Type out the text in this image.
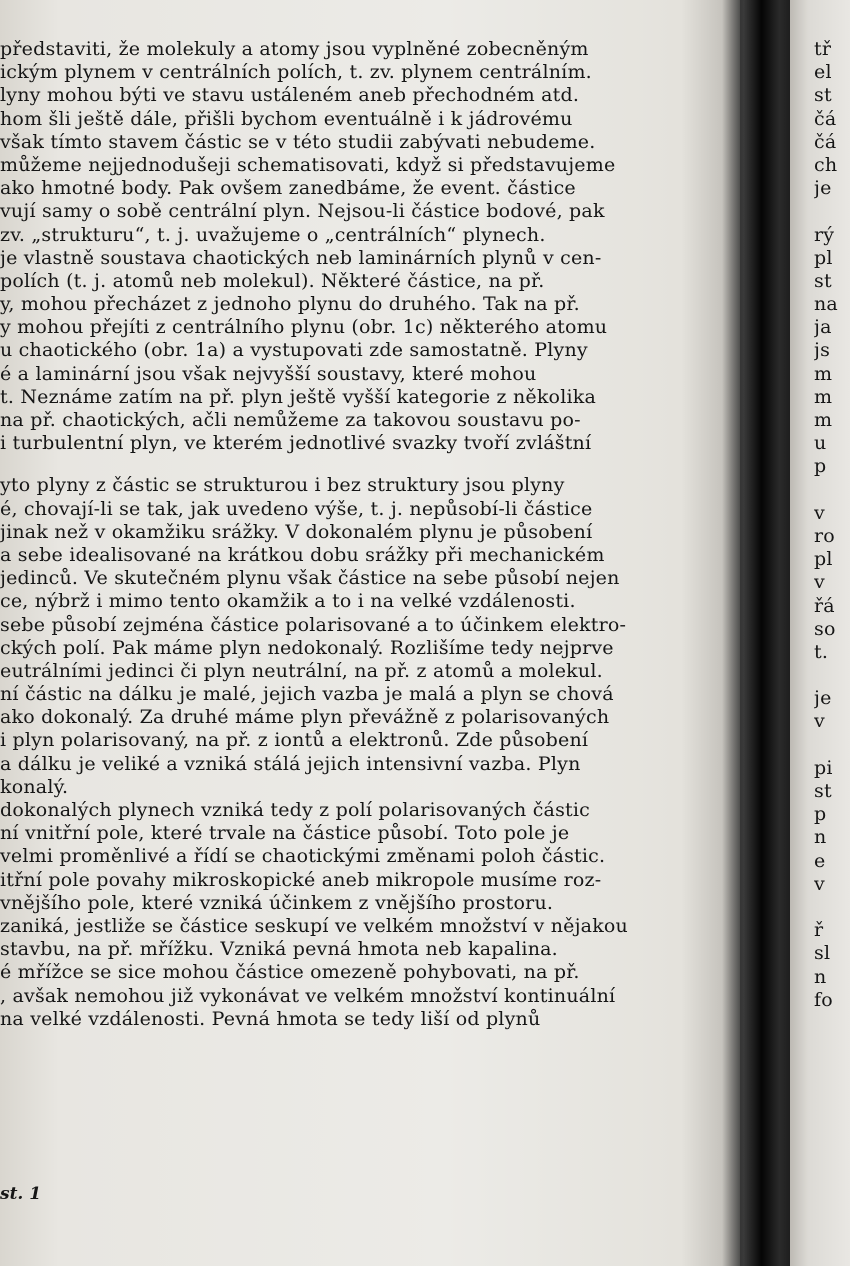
představiti, že molekuly a atomy jsou vyplněné zobecněným
ickým plynem v centrálních polích, t. zv. plynem centrálním.
lyny mohou býti ve stavu ustáleném aneb přechodném atd.
hom šli ještě dále, přišli bychom eventuálně i k jádrovému
však tímto stavem částic se v této studii zabývati nebudeme.
můžeme nejjednodušeji schematisovati, když si představujeme
ako hmotné body. Pak ovšem zanedbáme, že event. částice
vují samy o sobě centrální plyn. Nejsou-li částice bodové, pak
zv. „strukturu“, t. j. uvažujeme o „centrálních“ plynech.
je vlastně soustava chaotických neb laminárních plynů v cen-
polích (t. j. atomů neb molekul). Některé částice, na př.
y, mohou přecházet z jednoho plynu do druhého. Tak na př.
y mohou přejíti z centrálního plynu (obr. 1c) některého atomu
u chaotického (obr. 1a) a vystupovati zde samostatně. Plyny
é a laminární jsou však nejvyšší soustavy, které mohou
t. Neznáme zatím na př. plyn ještě vyšší kategorie z několika
na př. chaotických, ačli nemůžeme za takovou soustavu po-
i turbulentní plyn, ve kterém jednotlivé svazky tvoří zvláštní
yto plyny z částic se strukturou i bez struktury jsou plyny
é, chovají-li se tak, jak uvedeno výše, t. j. nepůsobí-li částice
jinak než v okamžiku srážky. V dokonalém plynu je působení
a sebe idealisované na krátkou dobu srážky při mechanickém
jedinců. Ve skutečném plynu však částice na sebe působí nejen
ce, nýbrž i mimo tento okamžik a to i na velké vzdálenosti.
sebe působí zejména částice polarisované a to účinkem elektro-
ckých polí. Pak máme plyn nedokonalý. Rozlišíme tedy nejprve
eutrálními jedinci či plyn neutrální, na př. z atomů a molekul.
ní částic na dálku je malé, jejich vazba je malá a plyn se chová
ako dokonalý. Za druhé máme plyn převážně z polarisovaných
i plyn polarisovaný, na př. z iontů a elektronů. Zde působení
a dálku je veliké a vzniká stálá jejich intensivní vazba. Plyn
konalý.
dokonalých plynech vzniká tedy z polí polarisovaných částic
ní vnitřní pole, které trvale na částice působí. Toto pole je
velmi proměnlivé a řídí se chaotickými změnami poloh částic.
itřní pole povahy mikroskopické aneb mikropole musíme roz-
vnějšího pole, které vzniká účinkem z vnějšího prostoru.
zaniká, jestliže se částice seskupí ve velkém množství v nějakou
stavbu, na př. mřížku. Vzniká pevná hmota neb kapalina.
é mřížce se sice mohou částice omezeně pohybovati, na př.
, avšak nemohou již vykonávat ve velkém množství kontinuální
na velké vzdálenosti. Pevná hmota se tedy liší od plynů
st. 1
tř
el
st
čá
čá
ch
je
rý
pl
st
na
ja
js
m
m
m
u
p
v
ro
pl
v
řá
so
t.
je
v
pi
st
p
n
e
v
ř
sl
n
fo
